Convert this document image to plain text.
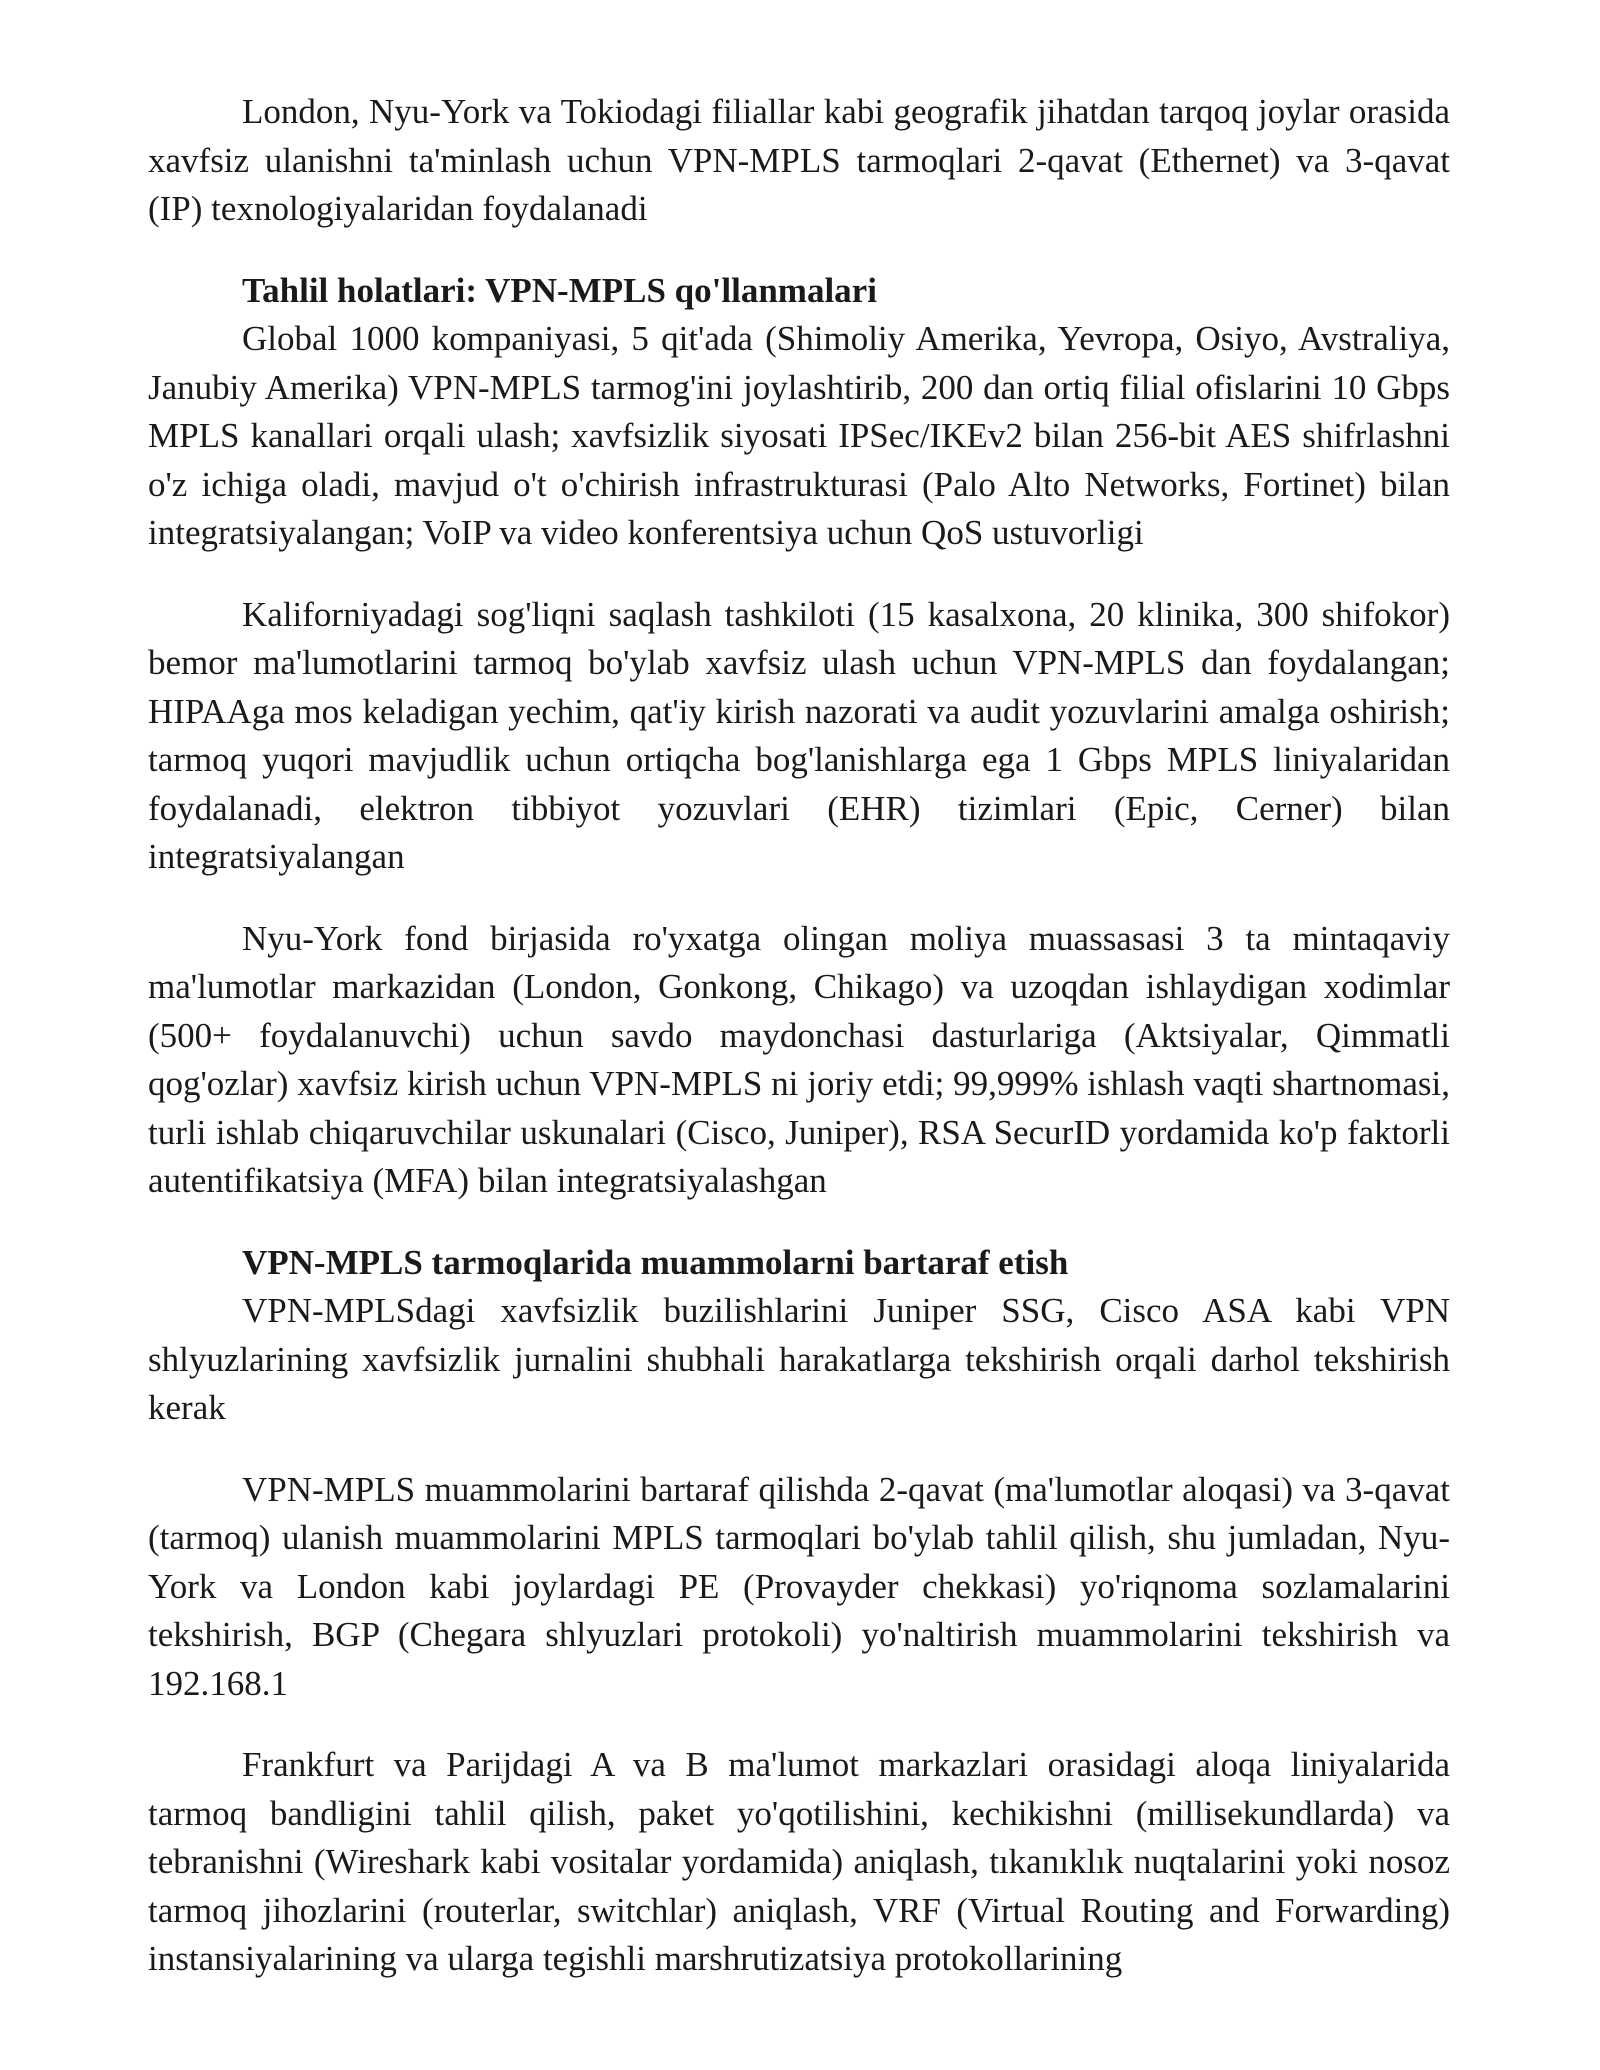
London, Nyu-York va Tokiodagi filiallar kabi geografik jihatdan tarqoq joylar orasida xavfsiz ulanishni ta'minlash uchun VPN-MPLS tarmoqlari 2-qavat (Ethernet) va 3-qavat (IP) texnologiyalaridan foydalanadi

Tahlil holatlari: VPN-MPLS qo'llanmalari

Global 1000 kompaniyasi, 5 qit'ada (Shimoliy Amerika, Yevropa, Osiyo, Avstraliya, Janubiy Amerika) VPN-MPLS tarmog'ini joylashtirib, 200 dan ortiq filial ofislarini 10 Gbps MPLS kanallari orqali ulash; xavfsizlik siyosati IPSec/IKEv2 bilan 256-bit AES shifrlashni o'z ichiga oladi, mavjud o't o'chirish infrastrukturasi (Palo Alto Networks, Fortinet) bilan integratsiyalangan; VoIP va video konferentsiya uchun QoS ustuvorligi

Kaliforniyadagi sog'liqni saqlash tashkiloti (15 kasalxona, 20 klinika, 300 shifokor) bemor ma'lumotlarini tarmoq bo'ylab xavfsiz ulash uchun VPN-MPLS dan foydalangan; HIPAAga mos keladigan yechim, qat'iy kirish nazorati va audit yozuvlarini amalga oshirish; tarmoq yuqori mavjudlik uchun ortiqcha bog'lanishlarga ega 1 Gbps MPLS liniyalaridan foydalanadi, elektron tibbiyot yozuvlari (EHR) tizimlari (Epic, Cerner) bilan integratsiyalangan

Nyu-York fond birjasida ro'yxatga olingan moliya muassasasi 3 ta mintaqaviy ma'lumotlar markazidan (London, Gonkong, Chikago) va uzoqdan ishlaydigan xodimlar (500+ foydalanuvchi) uchun savdo maydonchasi dasturlariga (Aktsiyalar, Qimmatli qog'ozlar) xavfsiz kirish uchun VPN-MPLS ni joriy etdi; 99,999% ishlash vaqti shartnomasi, turli ishlab chiqaruvchilar uskunalari (Cisco, Juniper), RSA SecurID yordamida ko'p faktorli autentifikatsiya (MFA) bilan integratsiyalashgan

VPN-MPLS tarmoqlarida muammolarni bartaraf etish

VPN-MPLSdagi xavfsizlik buzilishlarini Juniper SSG, Cisco ASA kabi VPN shlyuzlarining xavfsizlik jurnalini shubhali harakatlarga tekshirish orqali darhol tekshirish kerak

VPN-MPLS muammolarini bartaraf qilishda 2-qavat (ma'lumotlar aloqasi) va 3-qavat (tarmoq) ulanish muammolarini MPLS tarmoqlari bo'ylab tahlil qilish, shu jumladan, Nyu-York va London kabi joylardagi PE (Provayder chekkasi) yo'riqnoma sozlamalarini tekshirish, BGP (Chegara shlyuzlari protokoli) yo'naltirish muammolarini tekshirish va 192.168.1

Frankfurt va Parijdagi A va B ma'lumot markazlari orasidagi aloqa liniyalarida tarmoq bandligini tahlil qilish, paket yo'qotilishini, kechikishni (millisekundlarda) va tebranishni (Wireshark kabi vositalar yordamida) aniqlash, tıkanıklık nuqtalarini yoki nosoz tarmoq jihozlarini (routerlar, switchlar) aniqlash, VRF (Virtual Routing and Forwarding) instansiyalarining va ularga tegishli marshrutizatsiya protokollarining
